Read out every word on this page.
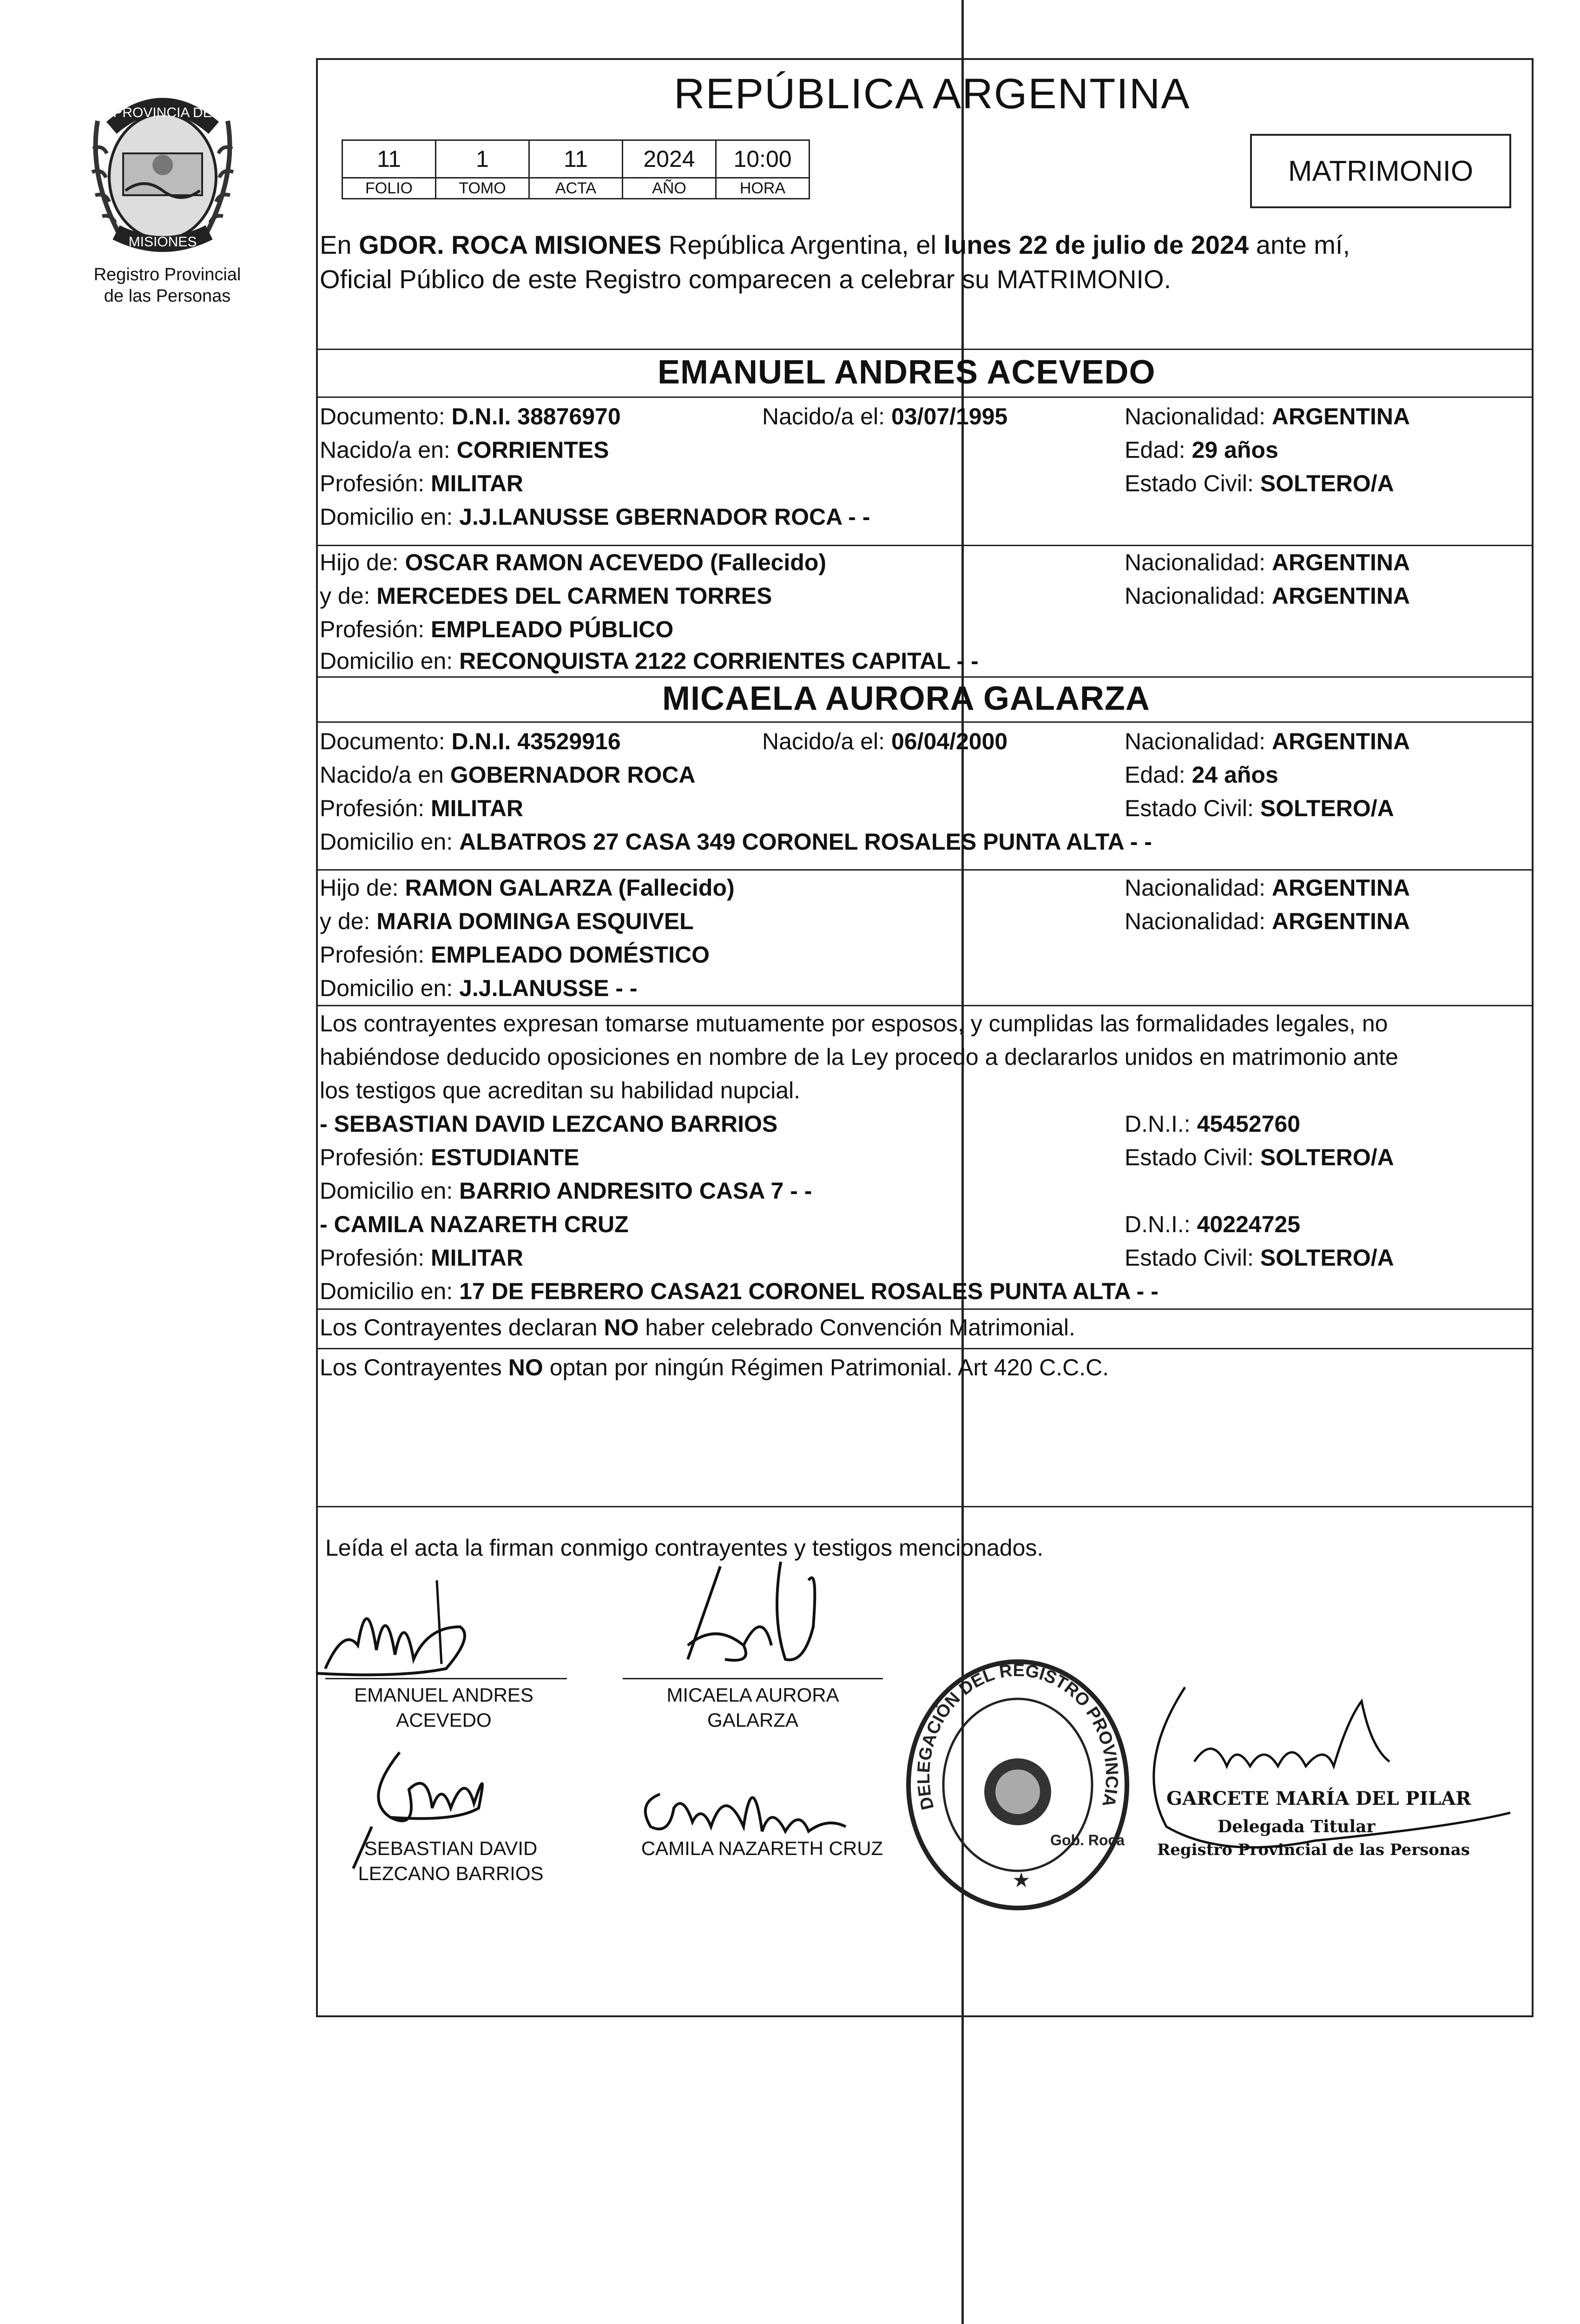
PROVINCIA DE
MISIONES
Registro Provincial
de las Personas
REPÚBLICA ARGENTINA
11	1	11	2024	10:00
FOLIO	TOMO	ACTA	AÑO	HORA
MATRIMONIO
En GDOR. ROCA MISIONES República Argentina, el lunes 22 de julio de 2024 ante mí,
Oficial Público de este Registro comparecen a celebrar su MATRIMONIO.
EMANUEL ANDRES ACEVEDO
Documento: D.N.I. 38876970	Nacido/a el: 03/07/1995	Nacionalidad: ARGENTINA
Nacido/a en: CORRIENTES	Edad: 29 años
Profesión: MILITAR	Estado Civil: SOLTERO/A
Domicilio en: J.J.LANUSSE GBERNADOR ROCA - -
Hijo de: OSCAR RAMON ACEVEDO (Fallecido)	Nacionalidad: ARGENTINA
y de: MERCEDES DEL CARMEN TORRES	Nacionalidad: ARGENTINA
Profesión: EMPLEADO PÚBLICO
Domicilio en: RECONQUISTA 2122 CORRIENTES CAPITAL - -
MICAELA AURORA GALARZA
Documento: D.N.I. 43529916	Nacido/a el: 06/04/2000	Nacionalidad: ARGENTINA
Nacido/a en GOBERNADOR ROCA	Edad: 24 años
Profesión: MILITAR	Estado Civil: SOLTERO/A
Domicilio en: ALBATROS 27 CASA 349 CORONEL ROSALES PUNTA ALTA - -
Hijo de: RAMON GALARZA (Fallecido)	Nacionalidad: ARGENTINA
y de: MARIA DOMINGA ESQUIVEL	Nacionalidad: ARGENTINA
Profesión: EMPLEADO DOMÉSTICO
Domicilio en: J.J.LANUSSE - -
Los contrayentes expresan tomarse mutuamente por esposos, y cumplidas las formalidades legales, no
habiéndose deducido oposiciones en nombre de la Ley procedo a declararlos unidos en matrimonio ante
los testigos que acreditan su habilidad nupcial.
- SEBASTIAN DAVID LEZCANO BARRIOS	D.N.I.: 45452760
Profesión: ESTUDIANTE	Estado Civil: SOLTERO/A
Domicilio en: BARRIO ANDRESITO CASA 7 - -
- CAMILA NAZARETH CRUZ	D.N.I.: 40224725
Profesión: MILITAR	Estado Civil: SOLTERO/A
Domicilio en: 17 DE FEBRERO CASA21 CORONEL ROSALES PUNTA ALTA - -
Los Contrayentes declaran NO haber celebrado Convención Matrimonial.
Los Contrayentes NO optan por ningún Régimen Patrimonial. Art 420 C.C.C.
Leída el acta la firman conmigo contrayentes y testigos mencionados.
EMANUEL ANDRES
ACEVEDO
MICAELA AURORA
GALARZA
SEBASTIAN DAVID
LEZCANO BARRIOS
CAMILA NAZARETH CRUZ
DELEGACIÓN DEL REGISTRO PROVINCIAL DE LAS PERSONAS
Gob. Roca
★
GARCETE MARÍA DEL PILAR
Delegada Titular
Registro Provincial de las Personas
